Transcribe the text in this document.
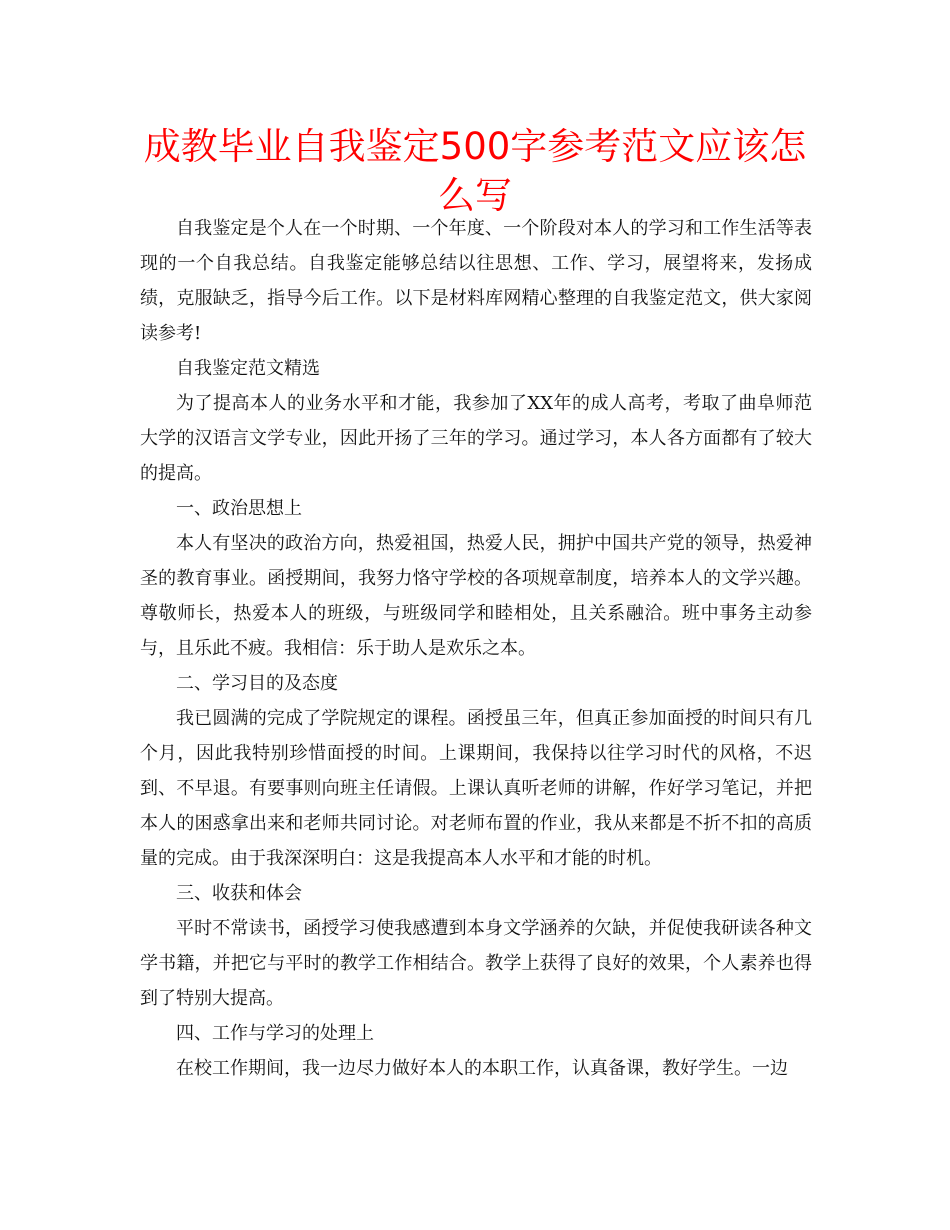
成教毕业自我鉴定500字参考范文应该怎么写

自我鉴定是个人在一个时期、一个年度、一个阶段对本人的学习和工作生活等表现的一个自我总结。自我鉴定能够总结以往思想、工作、学习，展望将来，发扬成绩，克服缺乏，指导今后工作。以下是材料库网精心整理的自我鉴定范文，供大家阅读参考!

自我鉴定范文精选

为了提高本人的业务水平和才能，我参加了XX年的成人高考，考取了曲阜师范大学的汉语言文学专业，因此开扬了三年的学习。通过学习，本人各方面都有了较大的提高。

一、政治思想上

本人有坚决的政治方向，热爱祖国，热爱人民，拥护中国共产党的领导，热爱神圣的教育事业。函授期间，我努力恪守学校的各项规章制度，培养本人的文学兴趣。尊敬师长，热爱本人的班级，与班级同学和睦相处，且关系融洽。班中事务主动参与，且乐此不疲。我相信：乐于助人是欢乐之本。

二、学习目的及态度

我已圆满的完成了学院规定的课程。函授虽三年，但真正参加面授的时间只有几个月，因此我特别珍惜面授的时间。上课期间，我保持以往学习时代的风格，不迟到、不早退。有要事则向班主任请假。上课认真听老师的讲解，作好学习笔记，并把本人的困惑拿出来和老师共同讨论。对老师布置的作业，我从来都是不折不扣的高质量的完成。由于我深深明白：这是我提高本人水平和才能的时机。

三、收获和体会

平时不常读书，函授学习使我感遭到本身文学涵养的欠缺，并促使我研读各种文学书籍，并把它与平时的教学工作相结合。教学上获得了良好的效果，个人素养也得到了特别大提高。

四、工作与学习的处理上

在校工作期间，我一边尽力做好本人的本职工作，认真备课，教好学生。一边
